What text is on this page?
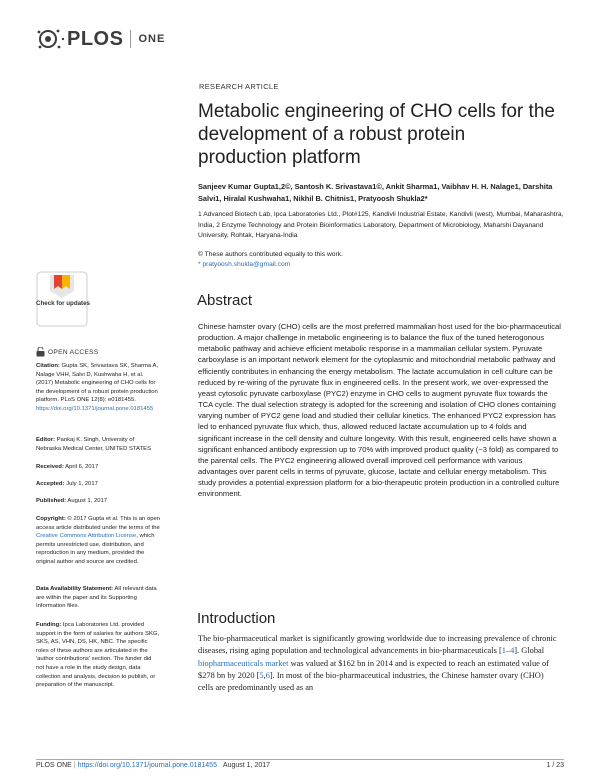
PLOS ONE
RESEARCH ARTICLE
Metabolic engineering of CHO cells for the development of a robust protein production platform
Sanjeev Kumar Gupta1,2©, Santosh K. Srivastava1©, Ankit Sharma1, Vaibhav H. H. Nalage1, Darshita Salvi1, Hiralal Kushwaha1, Nikhil B. Chitnis1, Pratyoosh Shukla2*
1 Advanced Biotech Lab, Ipca Laboratories Ltd., Plot#125, Kandivli Industrial Estate, Kandivli (west), Mumbai, Maharashtra, India, 2 Enzyme Technology and Protein Bioinformatics Laboratory, Department of Microbiology, Maharshi Dayanand University, Rohtak, Haryana-India
© These authors contributed equally to this work.
* pratyoosh.shukla@gmail.com
Abstract
Chinese hamster ovary (CHO) cells are the most preferred mammalian host used for the bio-pharmaceutical production. A major challenge in metabolic engineering is to balance the flux of the tuned heterogonous metabolic pathway and achieve efficient metabolic response in a mammalian cellular system. Pyruvate carboxylase is an important network element for the cytoplasmic and mitochondrial metabolic pathway and efficiently contributes in enhancing the energy metabolism. The lactate accumulation in cell culture can be reduced by re-wiring of the pyruvate flux in engineered cells. In the present work, we over-expressed the yeast cytosolic pyruvate carboxylase (PYC2) enzyme in CHO cells to augment pyruvate flux towards the TCA cycle. The dual selection strategy is adopted for the screening and isolation of CHO clones containing varying number of PYC2 gene load and studied their cellular kinetics. The enhanced PYC2 expression has led to enhanced pyruvate flux which, thus, allowed reduced lactate accumulation up to 4 folds and significant increase in the cell density and culture longevity. With this result, engineered cells have shown a significant enhanced antibody expression up to 70% with improved product quality (~3 fold) as compared to the parental cells. The PYC2 engineering allowed overall improved cell performance with various advantages over parent cells in terms of pyruvate, glucose, lactate and cellular energy metabolism. This study provides a potential expression platform for a bio-therapeutic protein production in a controlled culture environment.
Introduction
The bio-pharmaceutical market is significantly growing worldwide due to increasing prevalence of chronic diseases, rising aging population and technological advancements in bio-pharmaceuticals [1–4]. Global biopharmaceuticals market was valued at $162 bn in 2014 and is expected to reach an estimated value of $278 bn by 2020 [5,6]. In most of the bio-pharmaceutical industries, the Chinese hamster ovary (CHO) cells are predominantly used as an
Check for updates
OPEN ACCESS
Citation: Gupta SK, Srivastava SK, Sharma A, Nalage VHH, Salvi D, Kushwaha H, et al. (2017) Metabolic engineering of CHO cells for the development of a robust protein production platform. PLoS ONE 12(8): e0181455. https://doi.org/10.1371/journal.pone.0181455
Editor: Pankaj K. Singh, University of Nebraska Medical Center, UNITED STATES
Received: April 6, 2017
Accepted: July 1, 2017
Published: August 1, 2017
Copyright: © 2017 Gupta et al. This is an open access article distributed under the terms of the Creative Commons Attribution License, which permits unrestricted use, distribution, and reproduction in any medium, provided the original author and source are credited.
Data Availability Statement: All relevant data are within the paper and its Supporting Information files.
Funding: Ipca Laboratories Ltd. provided support in the form of salaries for authors SKG, SKS, AS, VHN, DS, HK, NBC. The specific roles of these authors are articulated in the 'author contributions' section. The funder did not have a role in the study design, data collection and analysis, decision to publish, or preparation of the manuscript.
PLOS ONE | https://doi.org/10.1371/journal.pone.0181455 August 1, 2017	1 / 23
